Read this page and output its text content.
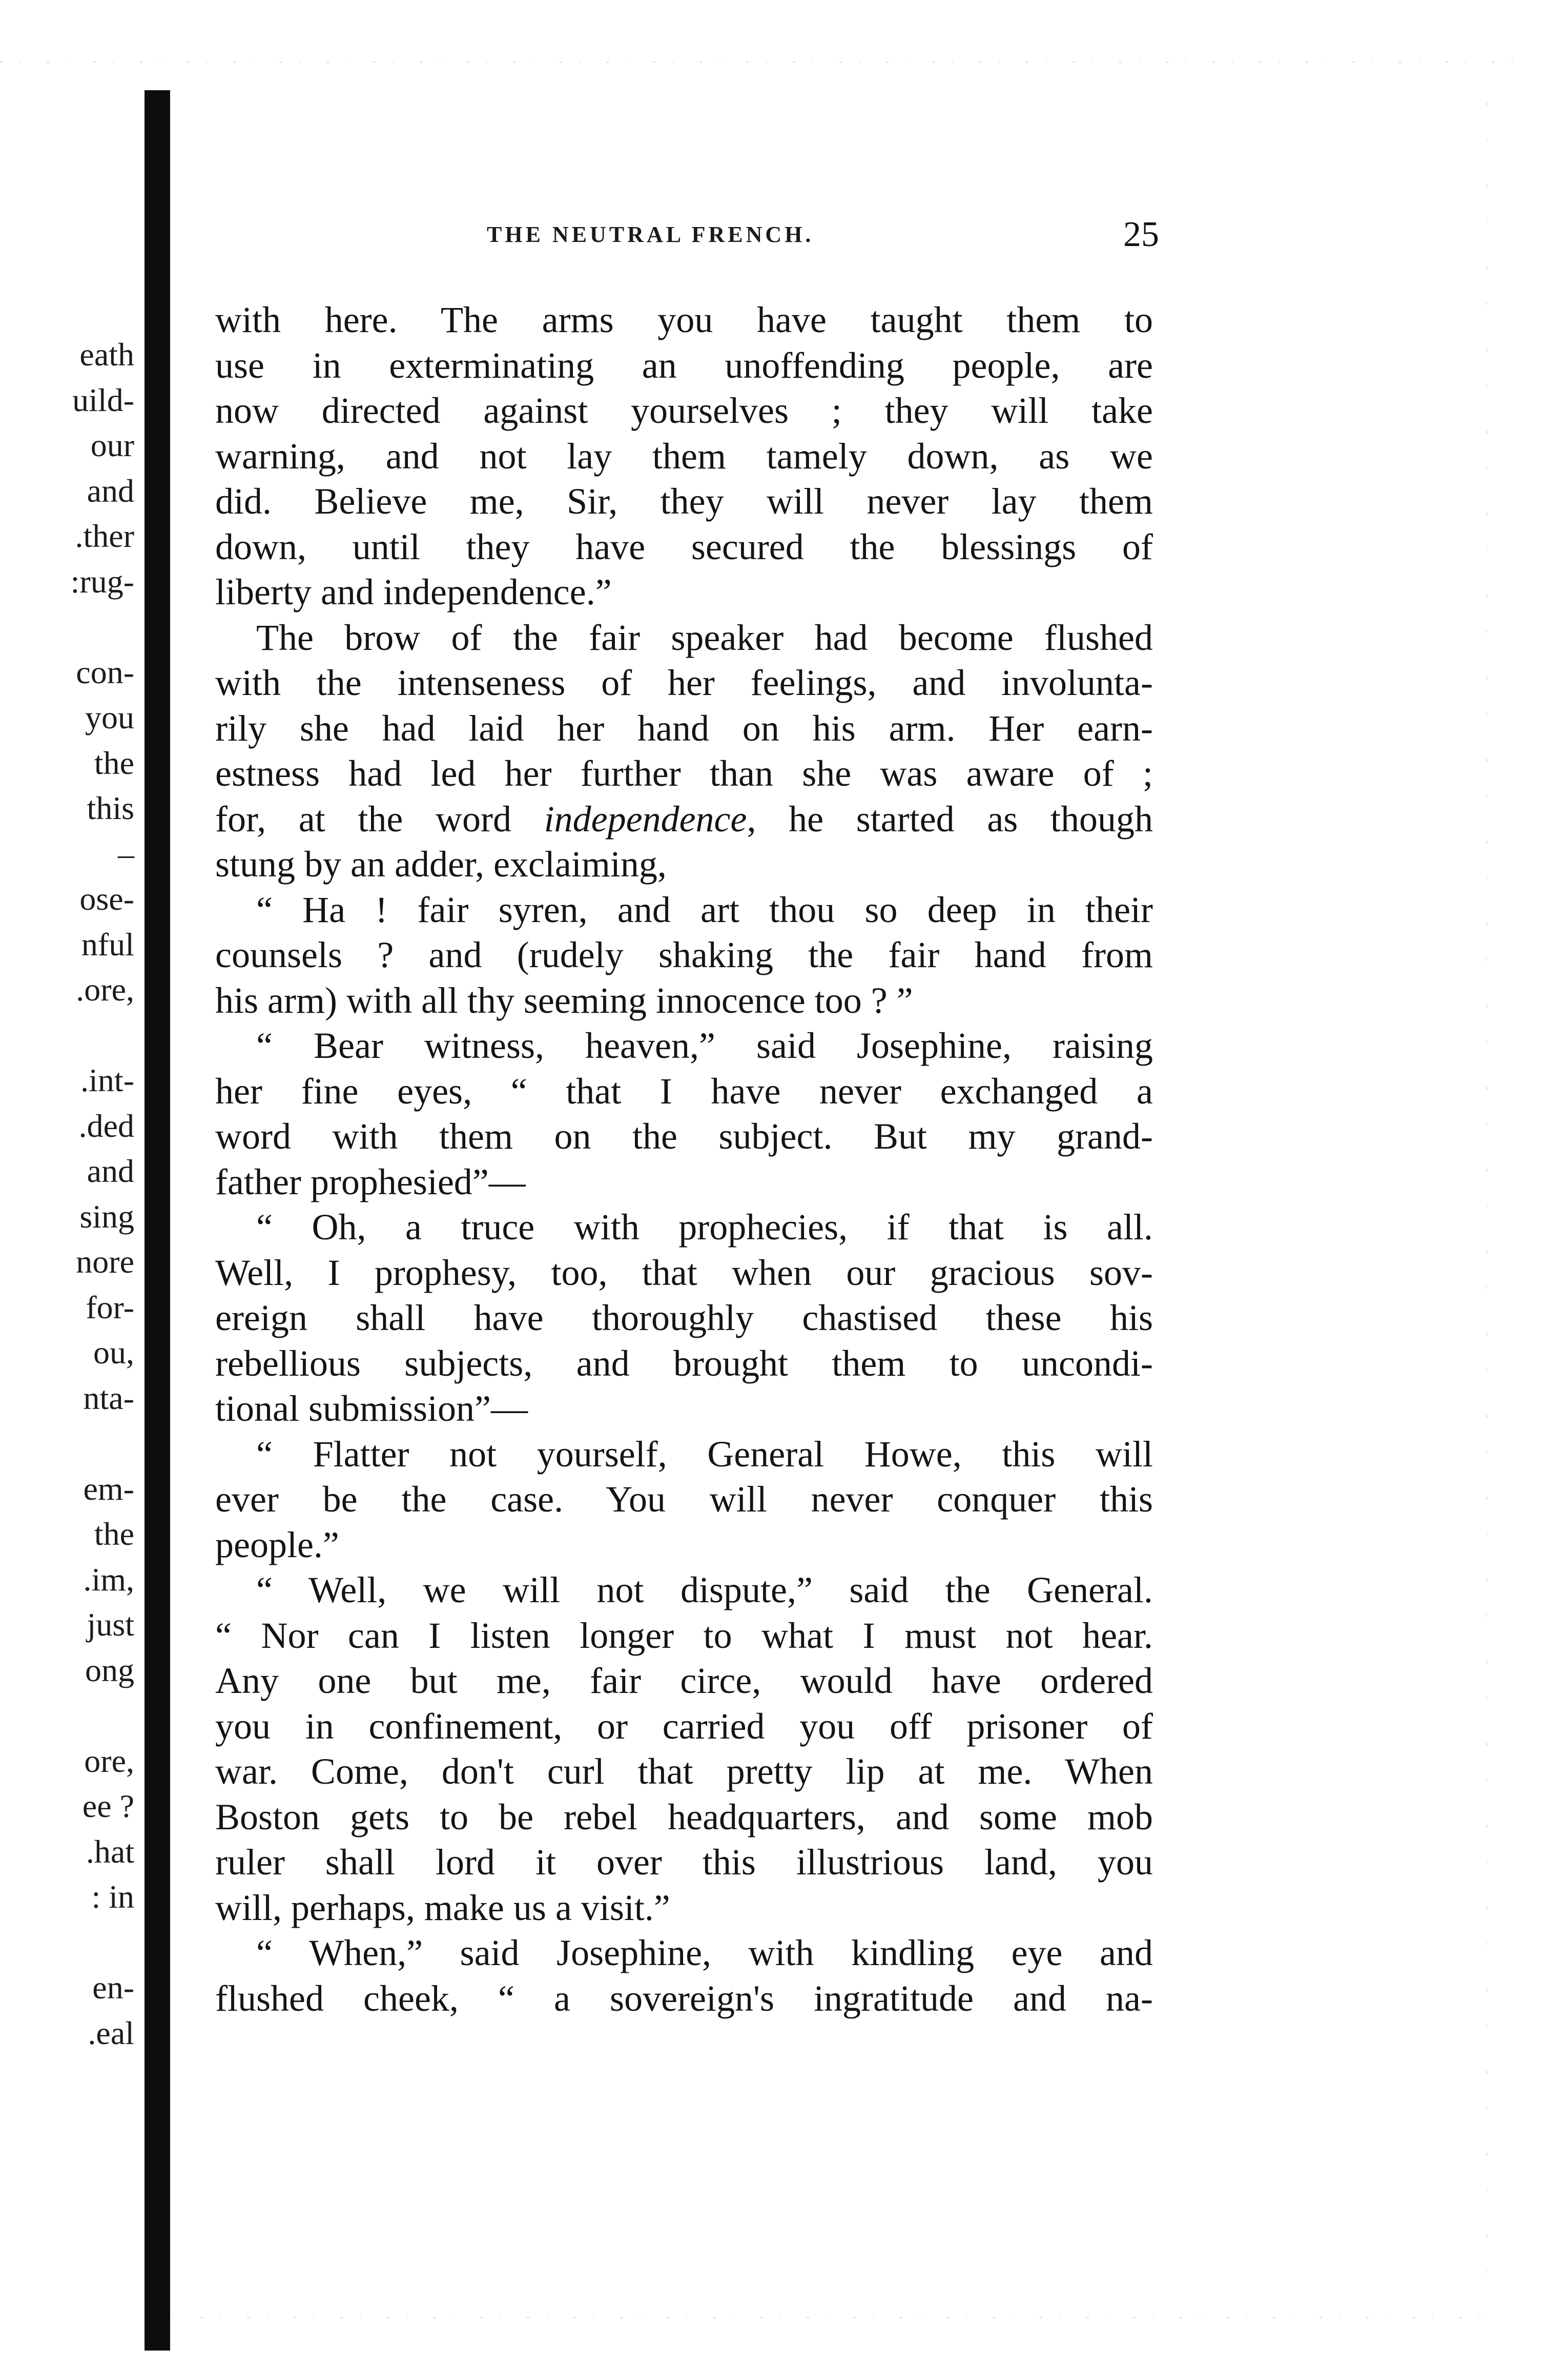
eath
uild-
our
and
.ther
:rug-
con-
you
the
this
–
ose-
nful
.ore,
.int-
.ded
and
sing
nore
for-
ou,
nta-
em-
the
.im,
just
ong
ore,
ee ?
.hat
: in
en-
.eal
THE NEUTRAL FRENCH.	25
with here. The arms you have taught them to
use in exterminating an unoffending people, are
now directed against yourselves ; they will take
warning, and not lay them tamely down, as we
did. Believe me, Sir, they will never lay them
down, until they have secured the blessings of
liberty and independence.”
The brow of the fair speaker had become flushed
with the intenseness of her feelings, and involunta-
rily she had laid her hand on his arm. Her earn-
estness had led her further than she was aware of ;
for, at the word independence, he started as though
stung by an adder, exclaiming,
“ Ha ! fair syren, and art thou so deep in their
counsels ? and (rudely shaking the fair hand from
his arm) with all thy seeming innocence too ? ”
“ Bear witness, heaven,” said Josephine, raising
her fine eyes, “ that I have never exchanged a
word with them on the subject. But my grand-
father prophesied”—
“ Oh, a truce with prophecies, if that is all.
Well, I prophesy, too, that when our gracious sov-
ereign shall have thoroughly chastised these his
rebellious subjects, and brought them to uncondi-
tional submission”—
“ Flatter not yourself, General Howe, this will
ever be the case. You will never conquer this
people.”
“ Well, we will not dispute,” said the General.
“ Nor can I listen longer to what I must not hear.
Any one but me, fair circe, would have ordered
you in confinement, or carried you off prisoner of
war. Come, don't curl that pretty lip at me. When
Boston gets to be rebel headquarters, and some mob
ruler shall lord it over this illustrious land, you
will, perhaps, make us a visit.”
“ When,” said Josephine, with kindling eye and
flushed cheek, “ a sovereign's ingratitude and na-
